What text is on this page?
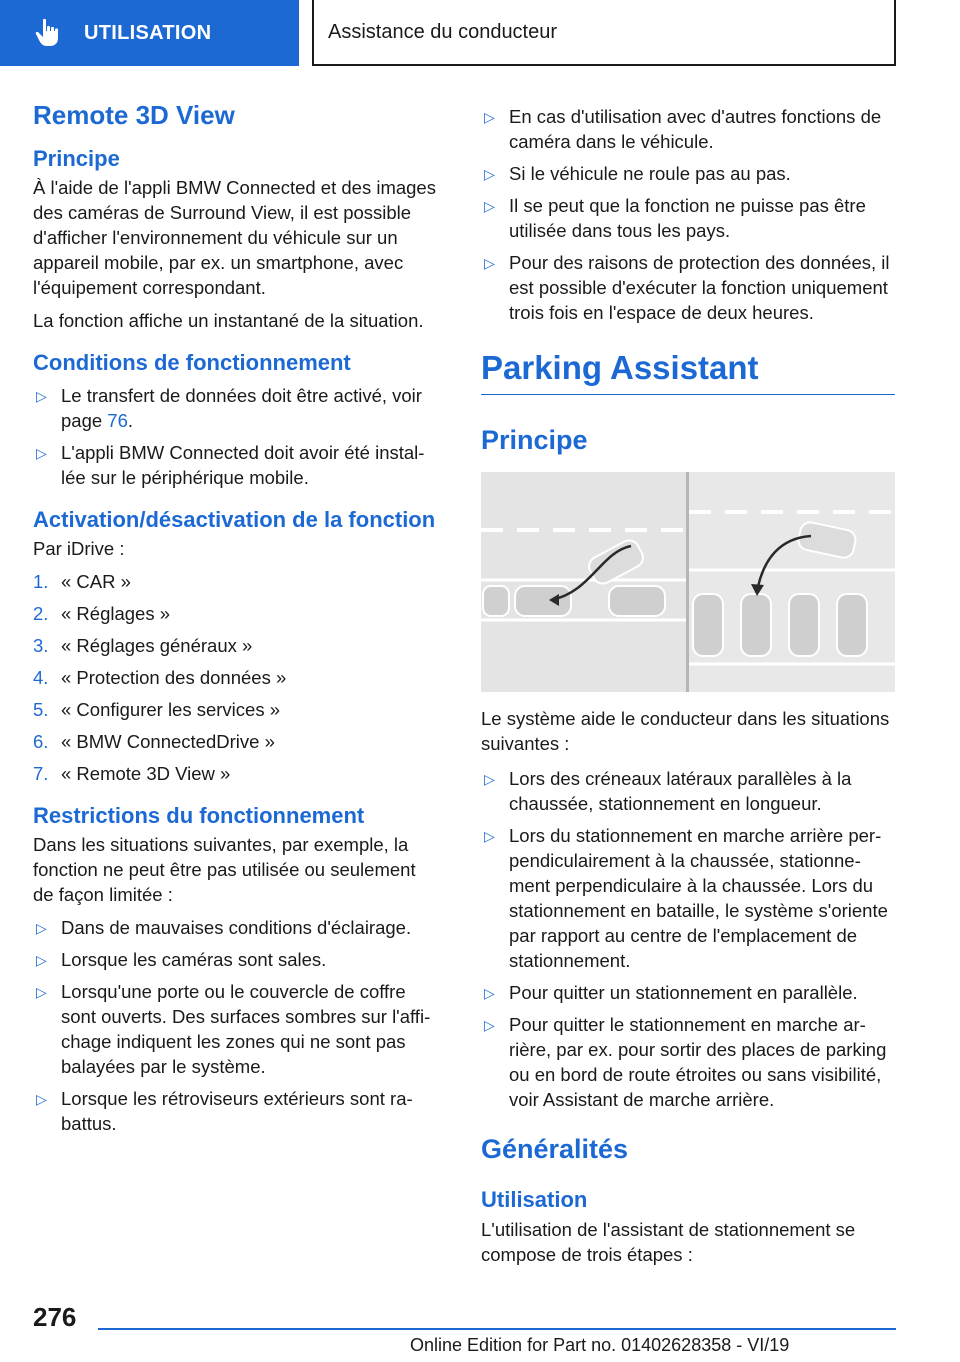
UTILISATION	Assistance du conducteur
Remote 3D View
Principe

À l'aide de l'appli BMW Connected et des images des caméras de Surround View, il est possible d'afficher l'environnement du véhicule sur un appareil mobile, par ex. un smartphone, avec l'équipement correspondant.

La fonction affiche un instantané de la situation.

Conditions de fonctionnement
▷ Le transfert de données doit être activé, voir page 76.
▷ L'appli BMW Connected doit avoir été installée sur le périphérique mobile.
Activation/désactivation de la fonction

Par iDrive :

1. « CAR »
2. « Réglages »
3. « Réglages généraux »
4. « Protection des données »
5. « Configurer les services »
6. « BMW ConnectedDrive »
7. « Remote 3D View »
Restrictions du fonctionnement

Dans les situations suivantes, par exemple, la fonction ne peut être pas utilisée ou seulement de façon limitée :

▷ Dans de mauvaises conditions d'éclairage.
▷ Lorsque les caméras sont sales.
▷ Lorsqu'une porte ou le couvercle de coffre sont ouverts. Des surfaces sombres sur l'affichage indiquent les zones qui ne sont pas balayées par le système.
▷ Lorsque les rétroviseurs extérieurs sont rabattus.
▷ En cas d'utilisation avec d'autres fonctions de caméra dans le véhicule.
▷ Si le véhicule ne roule pas au pas.
▷ Il se peut que la fonction ne puisse pas être utilisée dans tous les pays.
▷ Pour des raisons de protection des données, il est possible d'exécuter la fonction uniquement trois fois en l'espace de deux heures.
Parking Assistant
Principe

Le système aide le conducteur dans les situations suivantes :

▷ Lors des créneaux latéraux parallèles à la chaussée, stationnement en longueur.
▷ Lors du stationnement en marche arrière perpendiculairement à la chaussée, stationnement perpendiculaire à la chaussée. Lors du stationnement en bataille, le système s'oriente par rapport au centre de l'emplacement de stationnement.
▷ Pour quitter un stationnement en parallèle.
▷ Pour quitter le stationnement en marche arrière, par ex. pour sortir des places de parking ou en bord de route étroites ou sans visibilité, voir Assistant de marche arrière.
Généralités
Utilisation

L'utilisation de l'assistant de stationnement se compose de trois étapes :

276
Online Edition for Part no. 01402628358 - VI/19
